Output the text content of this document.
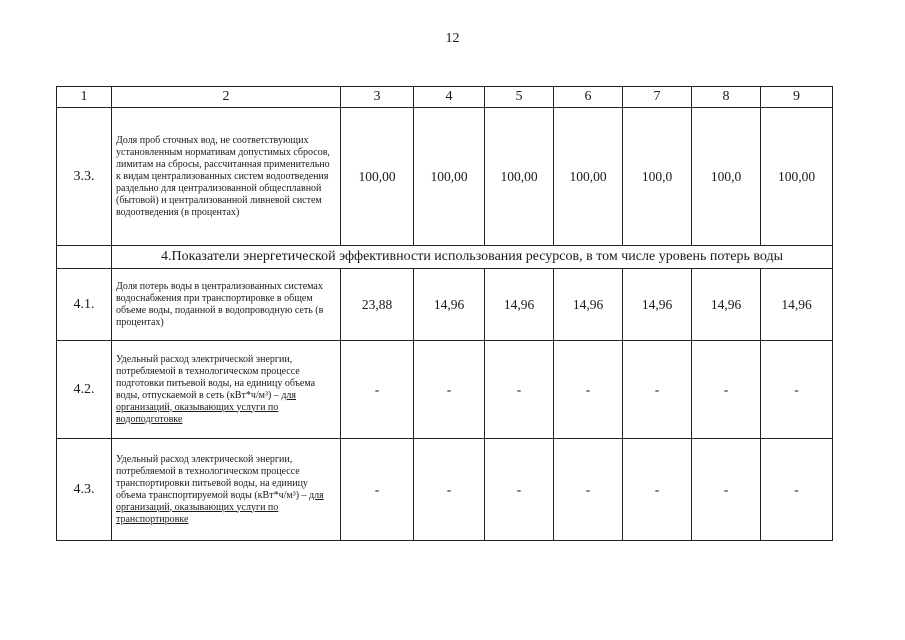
12
1	2	3	4	5	6	7	8	9
3.3.	Доля проб сточных вод, не соответствующих установленным нормативам допустимых сбросов, лимитам на сбросы, рассчитанная применительно к видам централизованных систем водоотведения раздельно для централизованной общесплавной (бытовой) и централизованной ливневой систем водоотведения (в процентах)	100,00	100,00	100,00	100,00	100,0	100,0	100,00
	4.Показатели энергетической эффективности использования ресурсов, в том числе уровень потерь воды							
4.1.	Доля потерь воды в централизованных системах водоснабжения при транспортировке в общем объеме воды, поданной в водопроводную сеть (в процентах)	23,88	14,96	14,96	14,96	14,96	14,96	14,96
4.2.	Удельный расход электрической энергии, потребляемой в технологическом процессе подготовки питьевой воды, на единицу объема воды, отпускаемой в сеть (кВт*ч/м³) – для организаций, оказывающих услуги по водоподготовке	-	-	-	-	-	-	-
4.3.	Удельный расход электрической энергии, потребляемой в технологическом процессе транспортировки питьевой воды, на единицу объема транспортируемой воды (кВт*ч/м³) – для организаций, оказывающих услуги по транспортировке	-	-	-	-	-	-	-
